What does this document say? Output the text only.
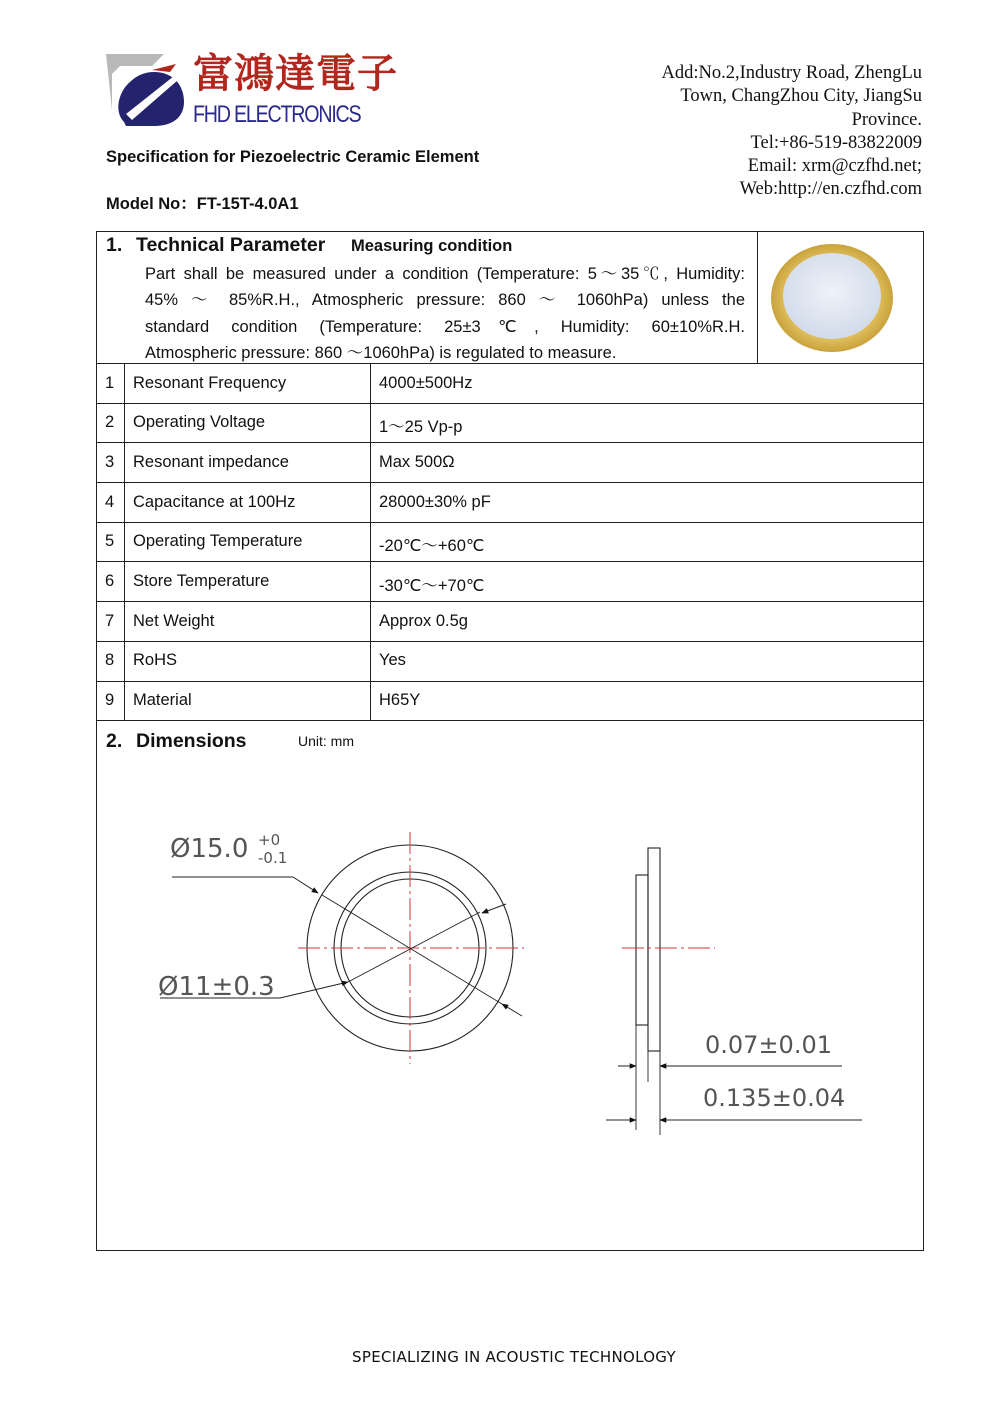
富鴻達電子
FHD ELECTRONICS
Specification for Piezoelectric Ceramic Element
Model No：FT-15T-4.0A1
Add:No.2,Industry Road, ZhengLu
Town, ChangZhou City, JiangSu
Province.
Tel:+86-519-83822009
Email: xrm@czfhd.net;
Web:http://en.czfhd.com
1. Technical Parameter Measuring condition
Part shall be measured under a condition (Temperature: 5～35℃, Humidity:
45% ～ 85%R.H., Atmospheric pressure: 860 ～ 1060hPa) unless the
standard condition (Temperature: 25±3℃, Humidity: 60±10%R.H.
Atmospheric pressure: 860 ～1060hPa) is regulated to measure.
1 Resonant Frequency	4000±500Hz
2 Operating Voltage	1～25 Vp-p
3 Resonant impedance	Max 500Ω
4 Capacitance at 100Hz	28000±30% pF
5 Operating Temperature	-20℃～+60℃
6 Store Temperature	-30℃～+70℃
7 Net Weight	Approx 0.5g
8 RoHS	Yes
9 Material	H65Y
2. Dimensions	Unit: mm
Ø15.0 +0
-0.1
Ø11±0.3
0.07±0.01
0.135±0.04
SPECIALIZING IN ACOUSTIC TECHNOLOGY
